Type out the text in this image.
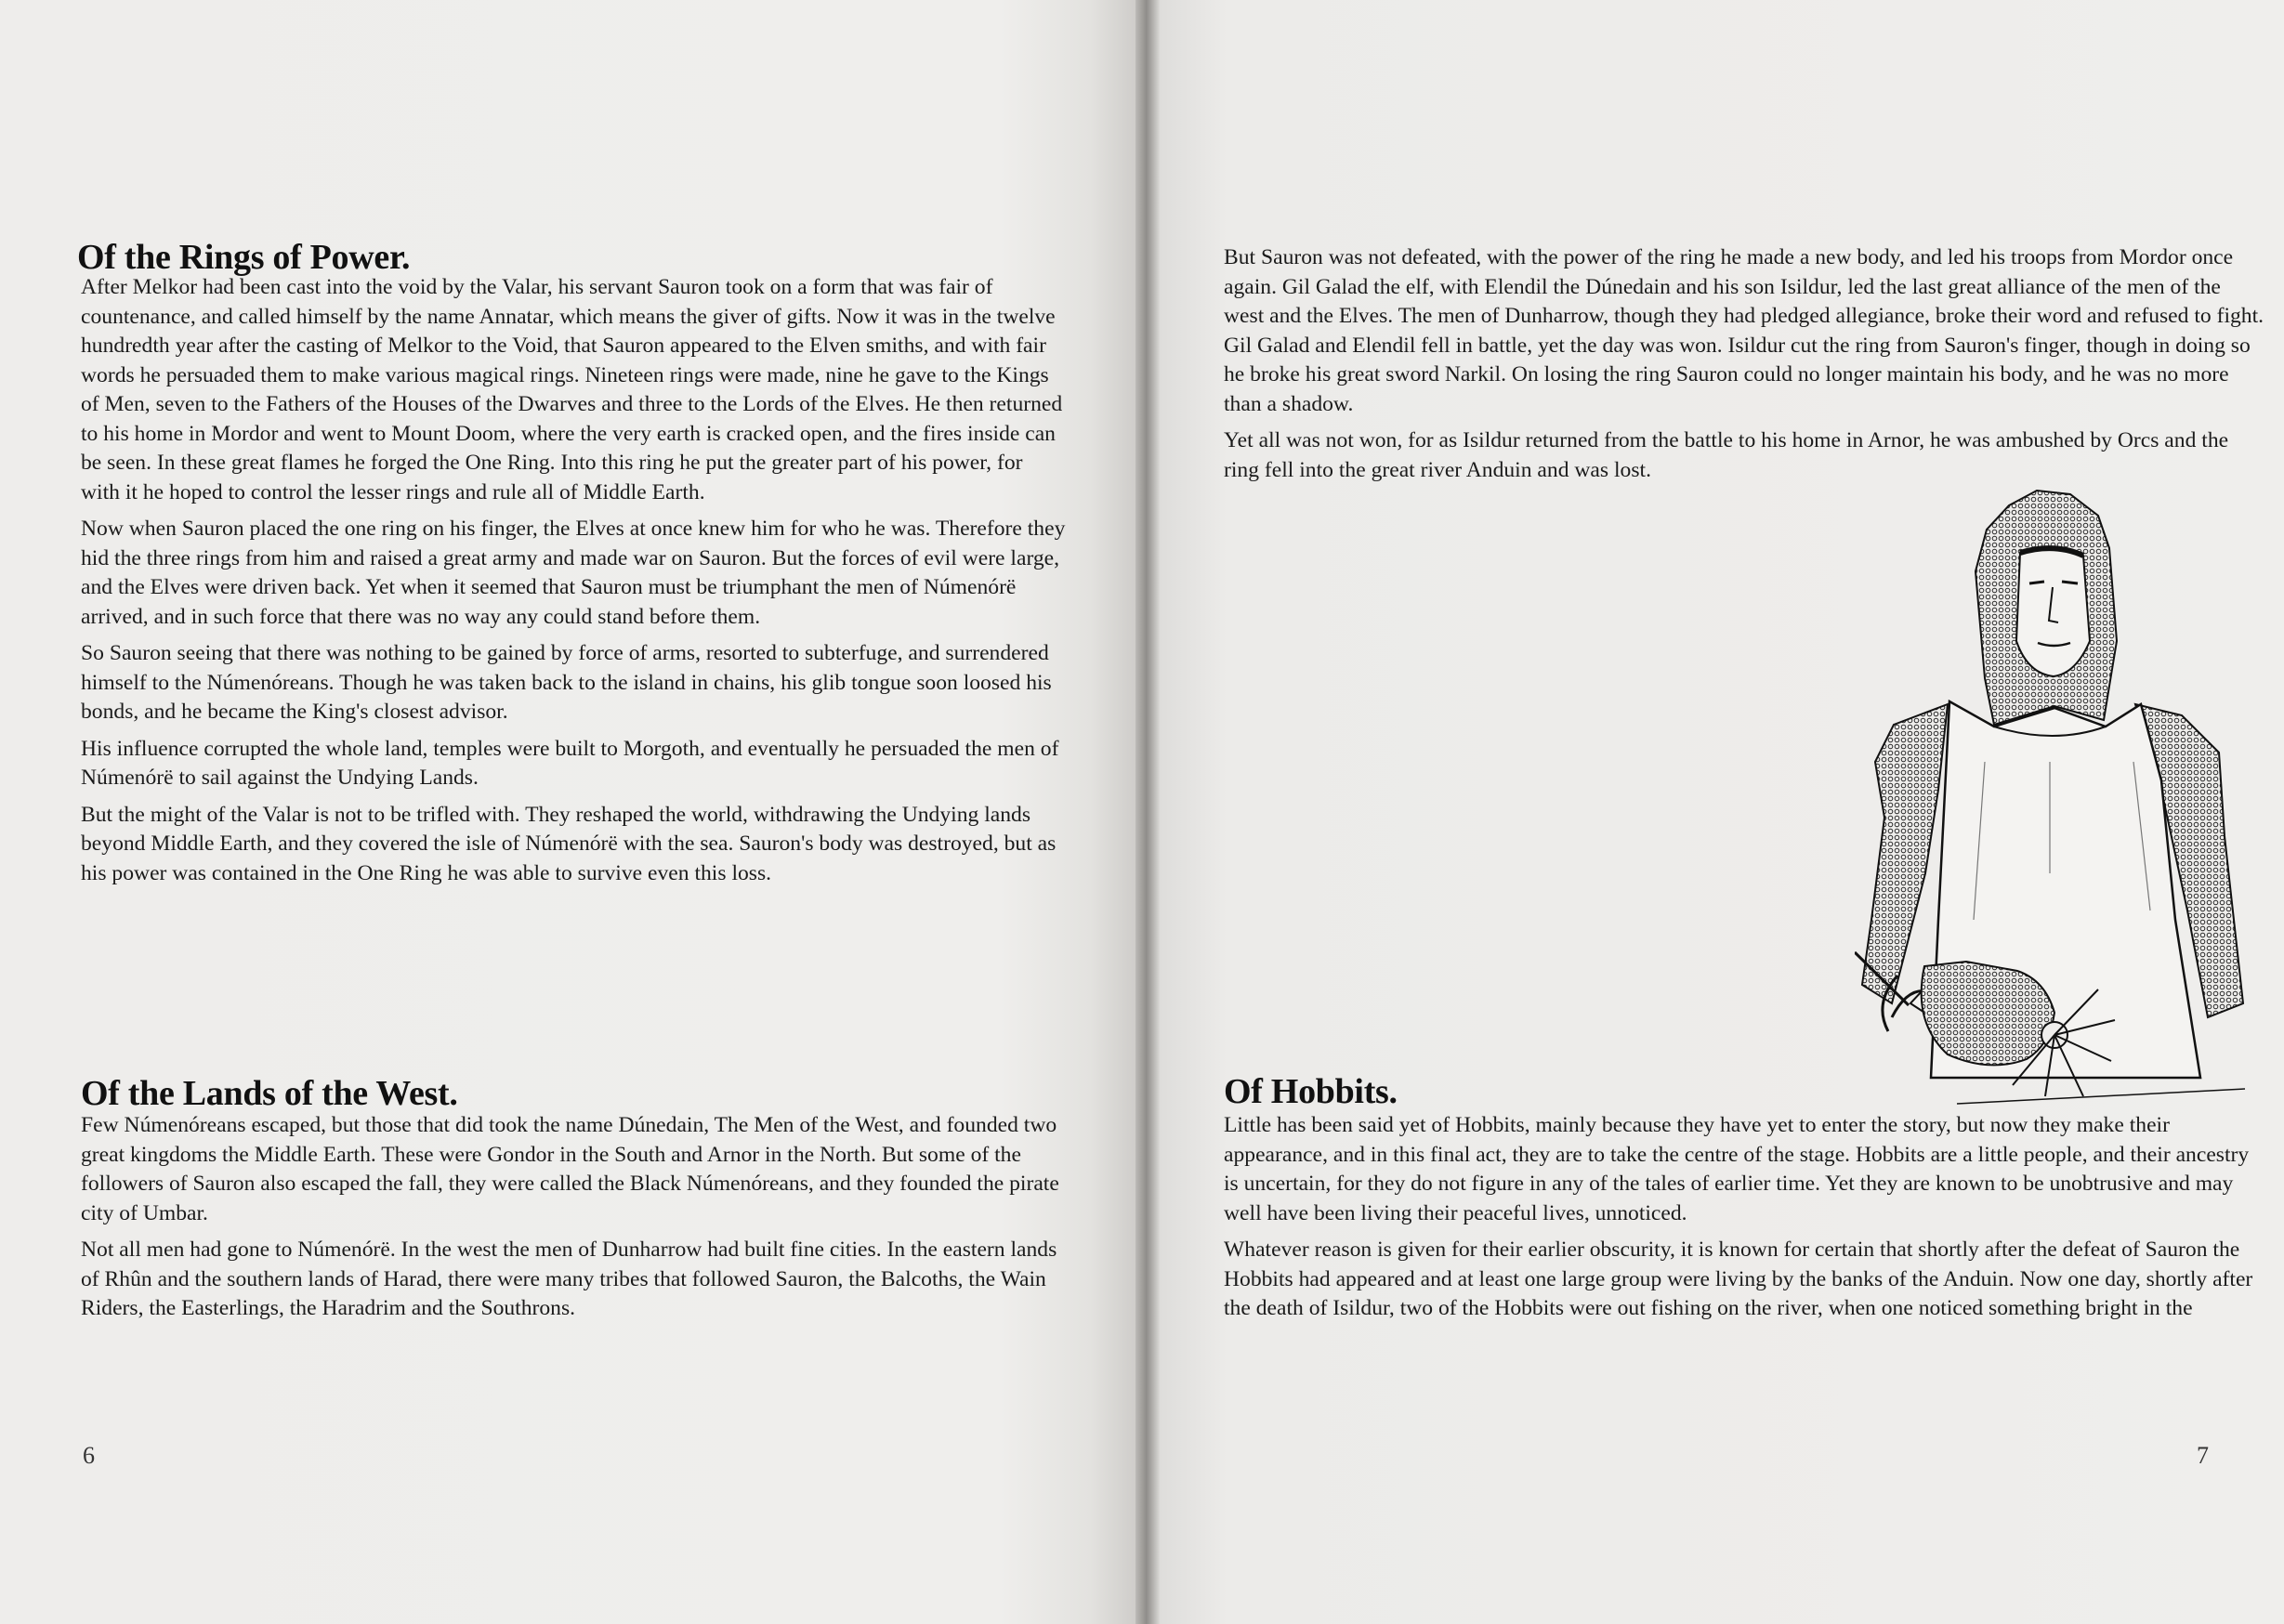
Of the Rings of Power.

After Melkor had been cast into the void by the Valar, his servant Sauron took on a form that was fair of countenance, and called himself by the name Annatar, which means the giver of gifts. Now it was in the twelve hundredth year after the casting of Melkor to the Void, that Sauron appeared to the Elven smiths, and with fair words he persuaded them to make various magical rings. Nineteen rings were made, nine he gave to the Kings of Men, seven to the Fathers of the Houses of the Dwarves and three to the Lords of the Elves. He then returned to his home in Mordor and went to Mount Doom, where the very earth is cracked open, and the fires inside can be seen. In these great flames he forged the One Ring. Into this ring he put the greater part of his power, for with it he hoped to control the lesser rings and rule all of Middle Earth.

Now when Sauron placed the one ring on his finger, the Elves at once knew him for who he was. Therefore they hid the three rings from him and raised a great army and made war on Sauron. But the forces of evil were large, and the Elves were driven back. Yet when it seemed that Sauron must be triumphant the men of Númenórë arrived, and in such force that there was no way any could stand before them.

So Sauron seeing that there was nothing to be gained by force of arms, resorted to subterfuge, and surrendered himself to the Númenóreans. Though he was taken back to the island in chains, his glib tongue soon loosed his bonds, and he became the King's closest advisor.

His influence corrupted the whole land, temples were built to Morgoth, and eventually he persuaded the men of Númenórë to sail against the Undying Lands.

But the might of the Valar is not to be trifled with. They reshaped the world, withdrawing the Undying lands beyond Middle Earth, and they covered the isle of Númenórë with the sea. Sauron's body was destroyed, but as his power was contained in the One Ring he was able to survive even this loss.

Of the Lands of the West.

Few Númenóreans escaped, but those that did took the name Dúnedain, The Men of the West, and founded two great kingdoms the Middle Earth. These were Gondor in the South and Arnor in the North. But some of the followers of Sauron also escaped the fall, they were called the Black Númenóreans, and they founded the pirate city of Umbar.

Not all men had gone to Númenórë. In the west the men of Dunharrow had built fine cities. In the eastern lands of Rhûn and the southern lands of Harad, there were many tribes that followed Sauron, the Balcoths, the Wain Riders, the Easterlings, the Haradrim and the Southrons.

6

But Sauron was not defeated, with the power of the ring he made a new body, and led his troops from Mordor once again. Gil Galad the elf, with Elendil the Dúnedain and his son Isildur, led the last great alliance of the men of the west and the Elves. The men of Dunharrow, though they had pledged allegiance, broke their word and refused to fight. Gil Galad and Elendil fell in battle, yet the day was won. Isildur cut the ring from Sauron's finger, though in doing so he broke his great sword Narkil. On losing the ring Sauron could no longer maintain his body, and he was no more than a shadow.

Yet all was not won, for as Isildur returned from the battle to his home in Arnor, he was ambushed by Orcs and the ring fell into the great river Anduin and was lost.

Of Hobbits.

Little has been said yet of Hobbits, mainly because they have yet to enter the story, but now they make their appearance, and in this final act, they are to take the centre of the stage. Hobbits are a little people, and their ancestry is uncertain, for they do not figure in any of the tales of earlier time. Yet they are known to be unobtrusive and may well have been living their peaceful lives, unnoticed.

Whatever reason is given for their earlier obscurity, it is known for certain that shortly after the defeat of Sauron the Hobbits had appeared and at least one large group were living by the banks of the Anduin. Now one day, shortly after the death of Isildur, two of the Hobbits were out fishing on the river, when one noticed something bright in the

7
